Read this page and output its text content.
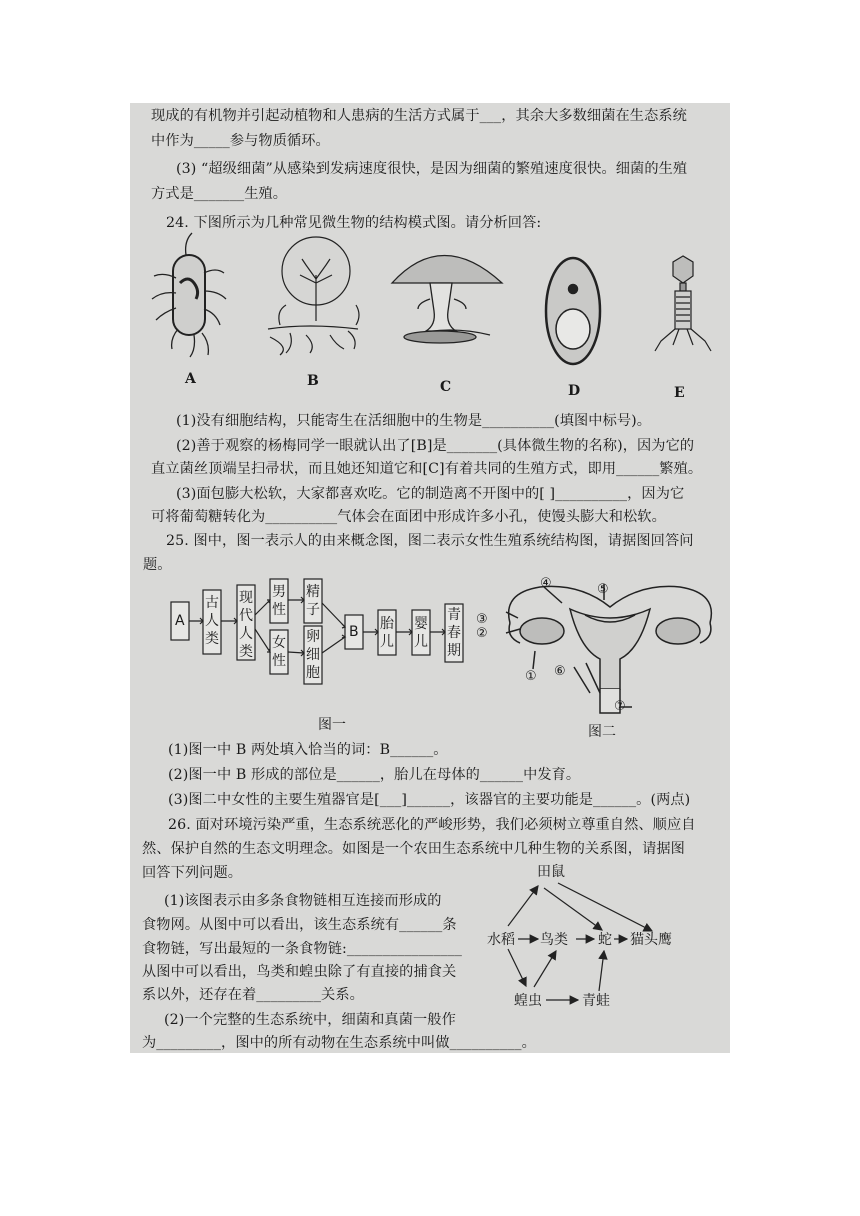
现成的有机物并引起动植物和人患病的生活方式属于___，其余大多数细菌在生态系统
中作为_____参与物质循环。
(3) “超级细菌”从感染到发病速度很快，是因为细菌的繁殖速度很快。细菌的生殖
方式是_______生殖。
24. 下图所示为几种常见微生物的结构模式图。请分析回答:
(1)没有细胞结构，只能寄生在活细胞中的生物是__________(填图中标号)。
(2)善于观察的杨梅同学一眼就认出了[B]是_______(具体微生物的名称)，因为它的
直立菌丝顶端呈扫帚状，而且她还知道它和[C]有着共同的生殖方式，即用______繁殖。
(3)面包膨大松软，大家都喜欢吃。它的制造离不开图中的[ ]__________，因为它
可将葡萄糖转化为__________气体会在面团中形成许多小孔，使馒头膨大和松软。
25. 图中，图一表示人的由来概念图，图二表示女性生殖系统结构图，请据图回答问
题。
(1)图一中 B 两处填入恰当的词：B______。
(2)图一中 B 形成的部位是______，胎儿在母体的______中发育。
(3)图二中女性的主要生殖器官是[___]______，该器官的主要功能是______。(两点)
26. 面对环境污染严重，生态系统恶化的严峻形势，我们必须树立尊重自然、顺应自
然、保护自然的生态文明理念。如图是一个农田生态系统中几种生物的关系图，请据图
回答下列问题。
(1)该图表示由多条食物链相互连接而形成的
食物网。从图中可以看出，该生态系统有______条
食物链，写出最短的一条食物链:________________
从图中可以看出，鸟类和蝗虫除了有直接的捕食关
系以外，还存在着_________关系。
(2)一个完整的生态系统中，细菌和真菌一般作
为_________，图中的所有动物在生态系统中叫做__________。
A	B	C	D	E
A
古人类
现代人类
男性
女性
精子
卵细胞
B 胎儿
婴儿
青春期
图一
①
②
③
④	⑤
⑥
⑦
图二
田鼠
水稻 鸟类 蛇 猫头鹰
蝗虫	青蛙
